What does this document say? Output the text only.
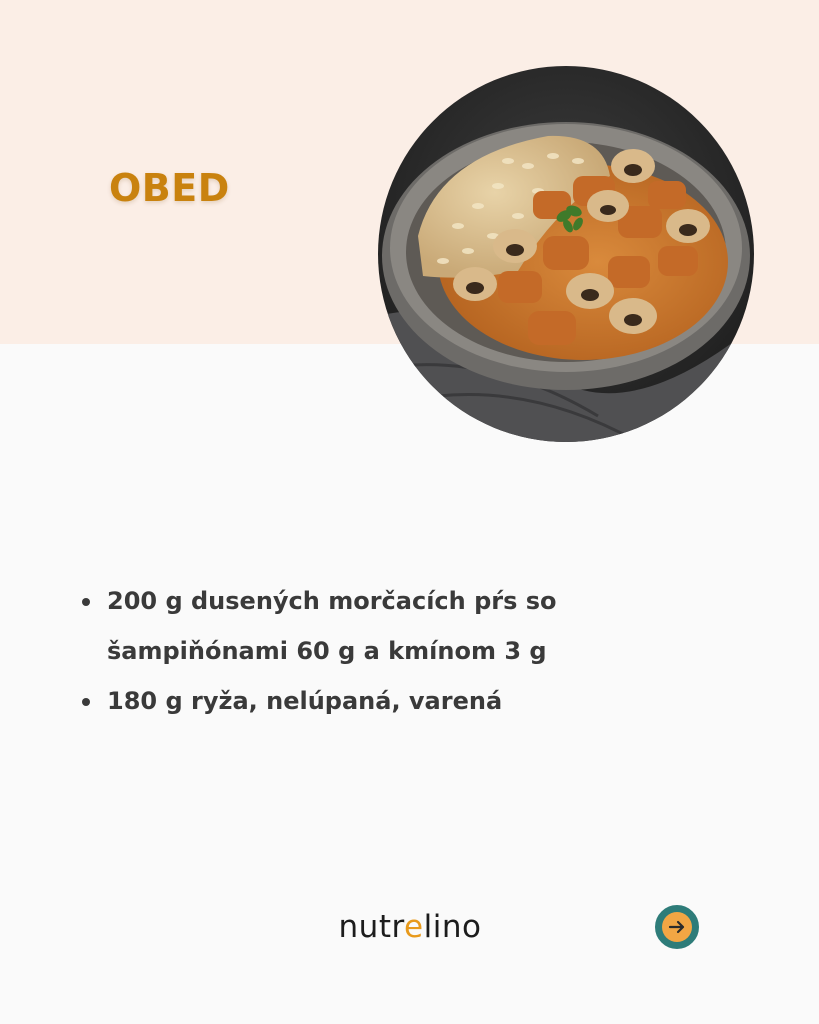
OBED
200 g dusených morčacích pŕs so šampiňónami 60 g a kmínom 3 g
180 g ryža, nelúpaná, varená
nutrelino
